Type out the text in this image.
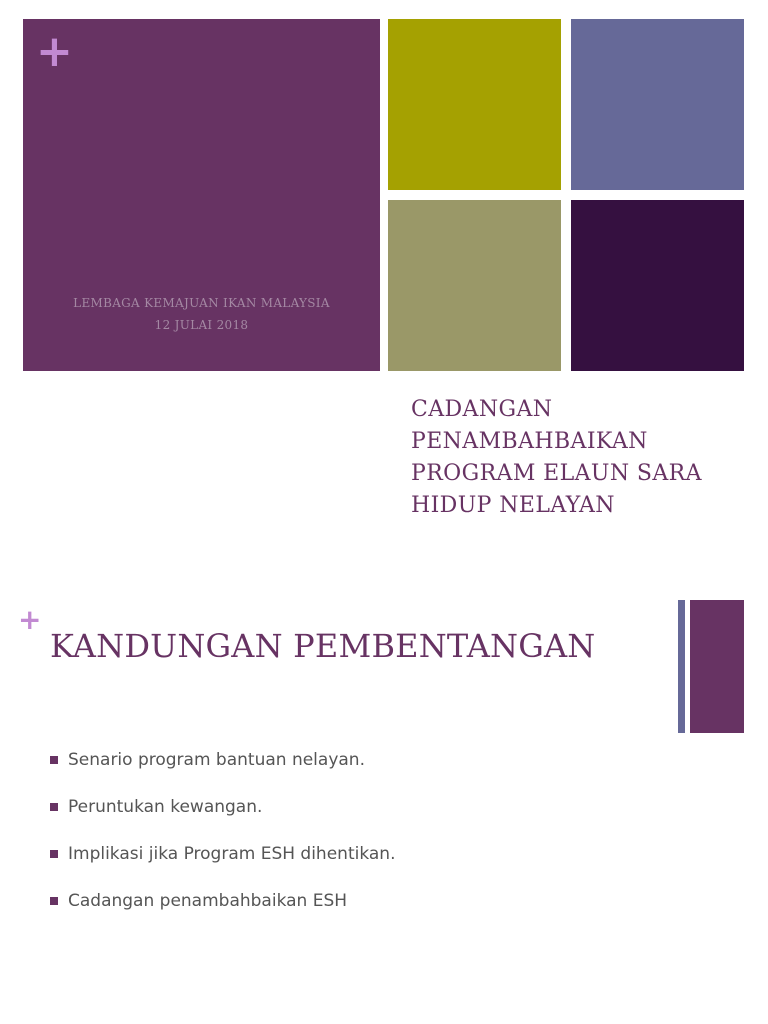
+
LEMBAGA KEMAJUAN IKAN MALAYSIA
12 JULAI 2018
CADANGAN
PENAMBAHBAIKAN
PROGRAM ELAUN SARA
HIDUP NELAYAN
+
KANDUNGAN PEMBENTANGAN
Senario program bantuan nelayan.
Peruntukan kewangan.
Implikasi jika Program ESH dihentikan.
Cadangan penambahbaikan ESH
